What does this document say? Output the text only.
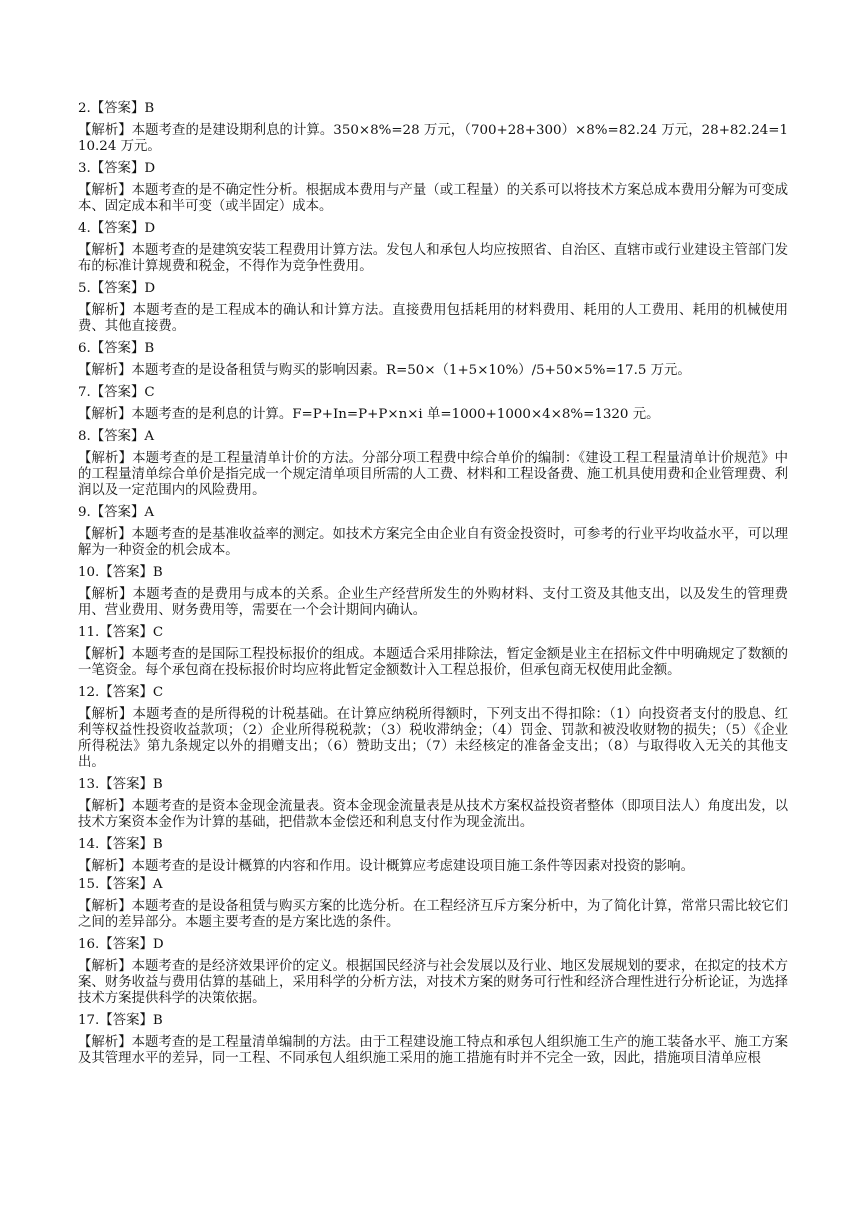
2.【答案】B
【解析】本题考查的是建设期利息的计算。350×8%=28 万元，（700+28+300）×8%=82.24 万元，28+82.24=110.24 万元。
3.【答案】D
【解析】本题考查的是不确定性分析。根据成本费用与产量（或工程量）的关系可以将技术方案总成本费用分解为可变成本、固定成本和半可变（或半固定）成本。
4.【答案】D
【解析】本题考查的是建筑安装工程费用计算方法。发包人和承包人均应按照省、自治区、直辖市或行业建设主管部门发布的标准计算规费和税金，不得作为竞争性费用。
5.【答案】D
【解析】本题考查的是工程成本的确认和计算方法。直接费用包括耗用的材料费用、耗用的人工费用、耗用的机械使用费、其他直接费。
6.【答案】B
【解析】本题考查的是设备租赁与购买的影响因素。R=50×（1+5×10%）/5+50×5%=17.5 万元。
7.【答案】C
【解析】本题考查的是利息的计算。F=P+In=P+P×n×i 单=1000+1000×4×8%=1320 元。
8.【答案】A
【解析】本题考查的是工程量清单计价的方法。分部分项工程费中综合单价的编制：《建设工程工程量清单计价规范》中的工程量清单综合单价是指完成一个规定清单项目所需的人工费、材料和工程设备费、施工机具使用费和企业管理费、利润以及一定范围内的风险费用。
9.【答案】A
【解析】本题考查的是基准收益率的测定。如技术方案完全由企业自有资金投资时，可参考的行业平均收益水平，可以理解为一种资金的机会成本。
10.【答案】B
【解析】本题考查的是费用与成本的关系。企业生产经营所发生的外购材料、支付工资及其他支出，以及发生的管理费用、营业费用、财务费用等，需要在一个会计期间内确认。
11.【答案】C
【解析】本题考查的是国际工程投标报价的组成。本题适合采用排除法，暂定金额是业主在招标文件中明确规定了数额的一笔资金。每个承包商在投标报价时均应将此暂定金额数计入工程总报价，但承包商无权使用此金额。
12.【答案】C
【解析】本题考查的是所得税的计税基础。在计算应纳税所得额时，下列支出不得扣除：（1）向投资者支付的股息、红利等权益性投资收益款项；（2）企业所得税税款；（3）税收滞纳金；（4）罚金、罚款和被没收财物的损失；（5）《企业所得税法》第九条规定以外的捐赠支出；（6）赞助支出；（7）未经核定的准备金支出；（8）与取得收入无关的其他支出。
13.【答案】B
【解析】本题考查的是资本金现金流量表。资本金现金流量表是从技术方案权益投资者整体（即项目法人）角度出发，以技术方案资本金作为计算的基础，把借款本金偿还和利息支付作为现金流出。
14.【答案】B
【解析】本题考查的是设计概算的内容和作用。设计概算应考虑建设项目施工条件等因素对投资的影响。
15.【答案】A
【解析】本题考查的是设备租赁与购买方案的比选分析。在工程经济互斥方案分析中，为了简化计算，常常只需比较它们之间的差异部分。本题主要考查的是方案比选的条件。
16.【答案】D
【解析】本题考查的是经济效果评价的定义。根据国民经济与社会发展以及行业、地区发展规划的要求，在拟定的技术方案、财务收益与费用估算的基础上，采用科学的分析方法，对技术方案的财务可行性和经济合理性进行分析论证，为选择技术方案提供科学的决策依据。
17.【答案】B
【解析】本题考查的是工程量清单编制的方法。由于工程建设施工特点和承包人组织施工生产的施工装备水平、施工方案及其管理水平的差异，同一工程、不同承包人组织施工采用的施工措施有时并不完全一致，因此，措施项目清单应根
